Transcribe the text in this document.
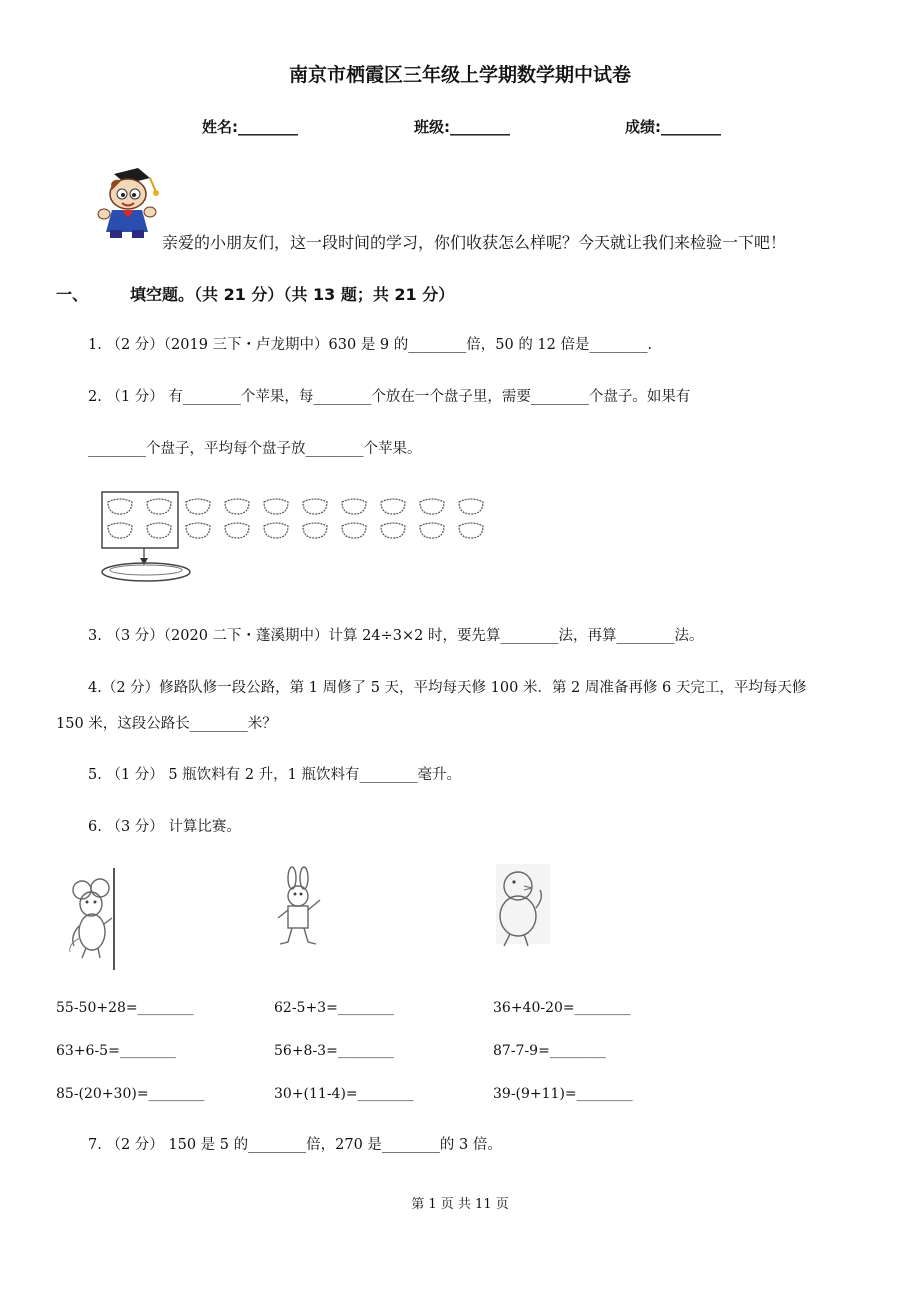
南京市栖霞区三年级上学期数学期中试卷
姓名:________	班级:________	成绩:________
亲爱的小朋友们，这一段时间的学习，你们收获怎么样呢？今天就让我们来检验一下吧！
一、	填空题。（共 21 分）（共 13 题；共 21 分）
1. （2 分）（2019 三下・卢龙期中）630 是 9 的________倍，50 的 12 倍是________.
2. （1 分） 有________个苹果，每________个放在一个盘子里，需要________个盘子。如果有
________个盘子，平均每个盘子放________个苹果。
3. （3 分）（2020 二下・蓬溪期中）计算 24÷3×2 时，要先算________法，再算________法。
4.（2 分）修路队修一段公路，第 1 周修了 5 天，平均每天修 100 米．第 2 周准备再修 6 天完工，平均每天修
150 米，这段公路长________米？
5. （1 分） 5 瓶饮料有 2 升，1 瓶饮料有________毫升。
6. （3 分） 计算比赛。
55-50+28=________	62-5+3=________	36+40-20=________
63+6-5=________	56+8-3=________	87-7-9=________
85-(20+30)=________	30+(11-4)=________	39-(9+11)=________
7. （2 分） 150 是 5 的________倍，270 是________的 3 倍。
第 1 页 共 11 页
